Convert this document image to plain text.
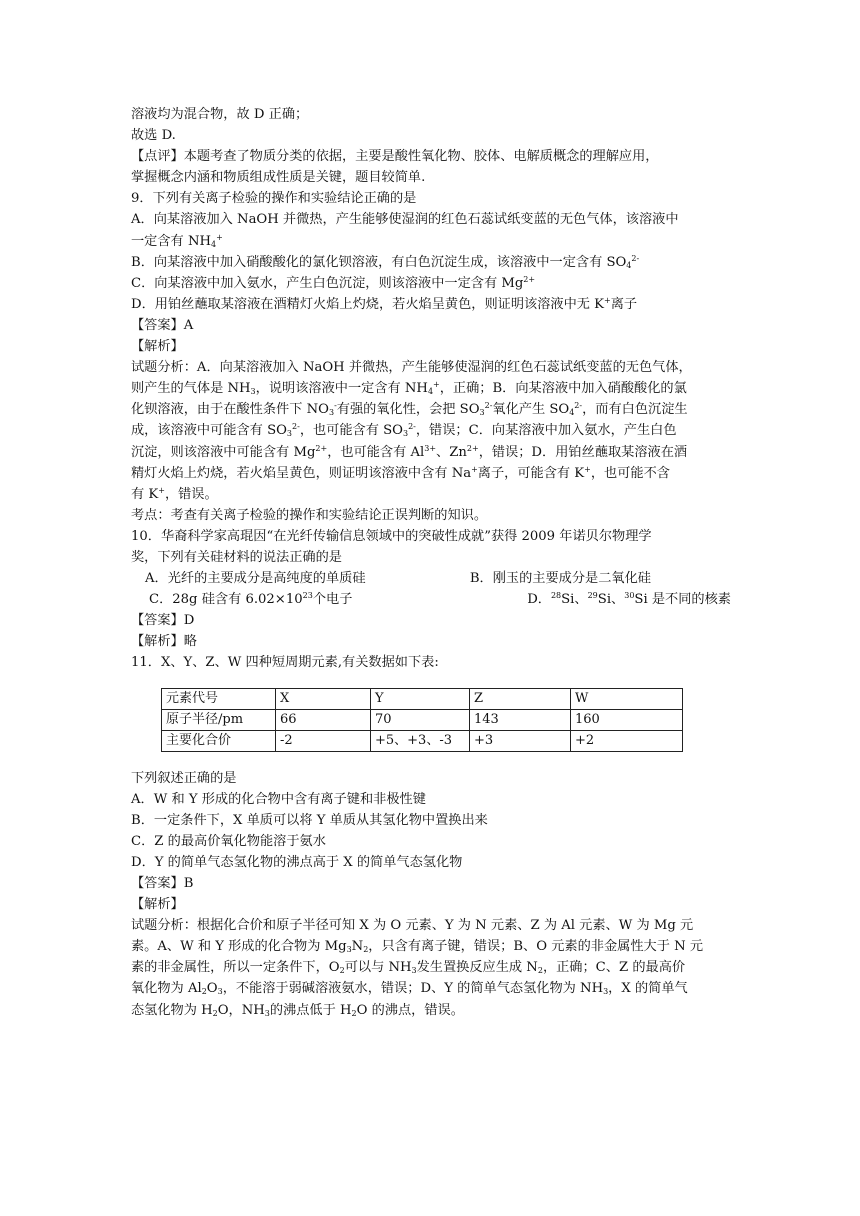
溶液均为混合物，故 D 正确；
故选 D.
【点评】本题考查了物质分类的依据，主要是酸性氧化物、胶体、电解质概念的理解应用，
掌握概念内涵和物质组成性质是关键，题目较简单.
9．下列有关离子检验的操作和实验结论正确的是
A．向某溶液加入 NaOH 并微热，产生能够使湿润的红色石蕊试纸变蓝的无色气体，该溶液中
一定含有 $NH_4^+$
B．向某溶液中加入硝酸酸化的氯化钡溶液，有白色沉淀生成，该溶液中一定含有 $SO_4^{2-}$
C．向某溶液中加入氨水，产生白色沉淀，则该溶液中一定含有 $Mg^{2+}$
D．用铂丝蘸取某溶液在酒精灯火焰上灼烧，若火焰呈黄色，则证明该溶液中无 K+离子
【答案】A
【解析】
试题分析：A．向某溶液加入 NaOH 并微热，产生能够使湿润的红色石蕊试纸变蓝的无色气体，
则产生的气体是 $NH_3$，说明该溶液中一定含有 $NH_4^+$，正确；B．向某溶液中加入硝酸酸化的氯
化钡溶液，由于在酸性条件下 $NO_3^-$有强的氧化性，会把 $SO_3^{2-}$氧化产生 $SO_4^{2-}$，而有白色沉淀生
成，该溶液中可能含有 $SO_3^{2-}$，也可能含有 $SO_3^{2-}$，错误；C．向某溶液中加入氨水，产生白色
沉淀，则该溶液中可能含有 $Mg^{2+}$，也可能含有 $Al^{3+}$、$Zn^{2+}$，错误；D．用铂丝蘸取某溶液在酒
精灯火焰上灼烧，若火焰呈黄色，则证明该溶液中含有 Na+离子，可能含有 K+，也可能不含
有 K+，错误。
考点：考查有关离子检验的操作和实验结论正误判断的知识。
10．华裔科学家高琨因“在光纤传输信息领域中的突破性成就”获得 2009 年诺贝尔物理学
奖，下列有关硅材料的说法正确的是
A．光纤的主要成分是高纯度的单质硅	B．刚玉的主要成分是二氧化硅
C．28g 硅含有 $6.02\times 10^{23}$个电子	D．$^{28}$Si、$^{29}$Si、$^{30}$Si 是不同的核素
【答案】D
【解析】略
11．X、Y、Z、W 四种短周期元素,有关数据如下表:
元素代号	X	Y	Z	W
原子半径/pm	66	70	143	160
主要化合价	-2	+5、+3、-3	+3	+2
下列叙述正确的是
A．W 和 Y 形成的化合物中含有离子键和非极性键
B．一定条件下，X 单质可以将 Y 单质从其氢化物中置换出来
C．Z 的最高价氧化物能溶于氨水
D．Y 的简单气态氢化物的沸点高于 X 的简单气态氢化物
【答案】B
【解析】
试题分析：根据化合价和原子半径可知 X 为 O 元素、Y 为 N 元素、Z 为 Al 元素、W 为 Mg 元
素。A、W 和 Y 形成的化合物为 $Mg_3N_2$，只含有离子键，错误；B、O 元素的非金属性大于 N 元
素的非金属性，所以一定条件下，$O_2$可以与 $NH_3$发生置换反应生成 $N_2$，正确；C、Z 的最高价
氧化物为 $Al_2O_3$，不能溶于弱碱溶液氨水，错误；D、Y 的简单气态氢化物为 $NH_3$，X 的简单气
态氢化物为 $H_2O$，$NH_3$的沸点低于 $H_2O$ 的沸点，错误。
